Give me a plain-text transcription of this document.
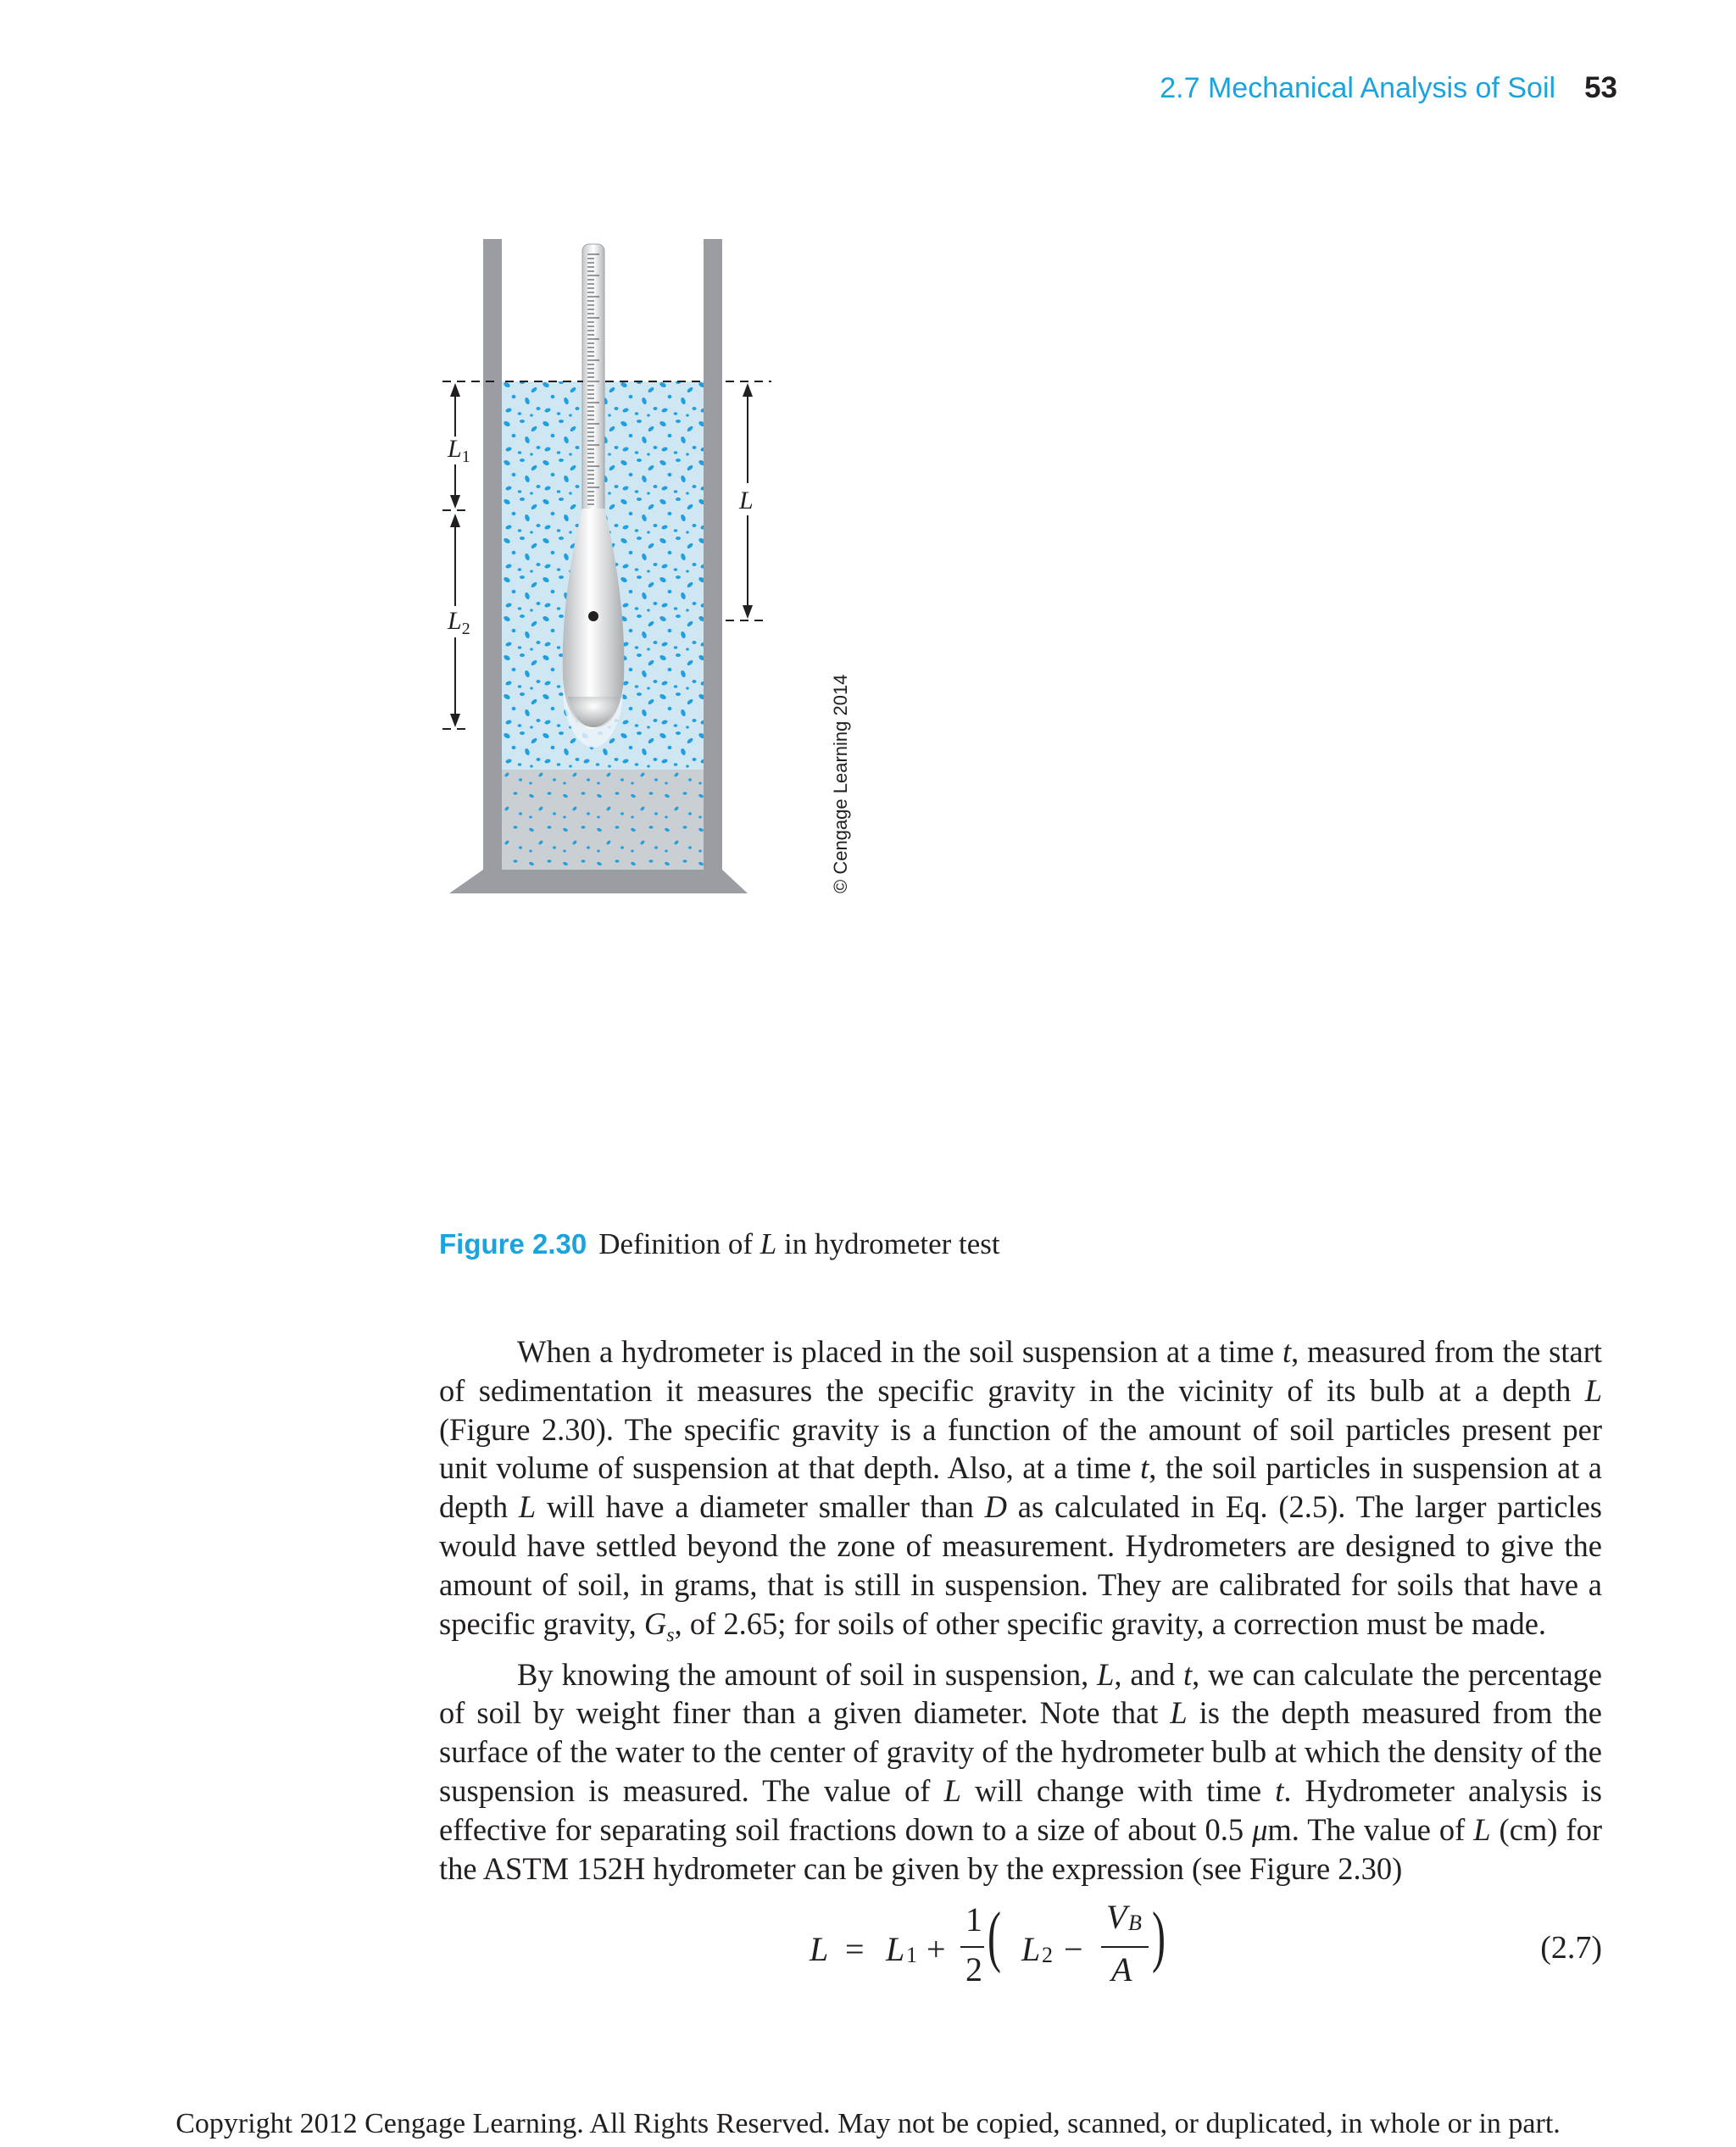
2.7 Mechanical Analysis of Soil 53
$L_1$
$L_2$
L
© Cengage Learning 2014
Figure 2.30 Definition of L in hydrometer test

When a hydrometer is placed in the soil suspension at a time t, measured from the start of sedimentation it measures the specific gravity in the vicinity of its bulb at a depth L (Figure 2.30). The specific gravity is a function of the amount of soil particles present per unit volume of suspension at that depth. Also, at a time t, the soil particles in suspension at a depth L will have a diameter smaller than D as calculated in Eq. (2.5). The larger particles would have settled beyond the zone of measurement. Hydrometers are designed to give the amount of soil, in grams, that is still in suspension. They are calibrated for soils that have a specific gravity, $G_s$, of 2.65; for soils of other specific gravity, a correction must be made.

By knowing the amount of soil in suspension, L, and t, we can calculate the percentage of soil by weight finer than a given diameter. Note that L is the depth measured from the surface of the water to the center of gravity of the hydrometer bulb at which the density of the suspension is measured. The value of L will change with time t. Hydrometer analysis is effective for separating soil fractions down to a size of about 0.5 μm. The value of L (cm) for the ASTM 152H hydrometer can be given by the expression (see Figure 2.30)

L = L 1 +
1
2 ( L 2 −
V B
A )	(2.7)
Copyright 2012 Cengage Learning. All Rights Reserved. May not be copied, scanned, or duplicated, in whole or in part.
